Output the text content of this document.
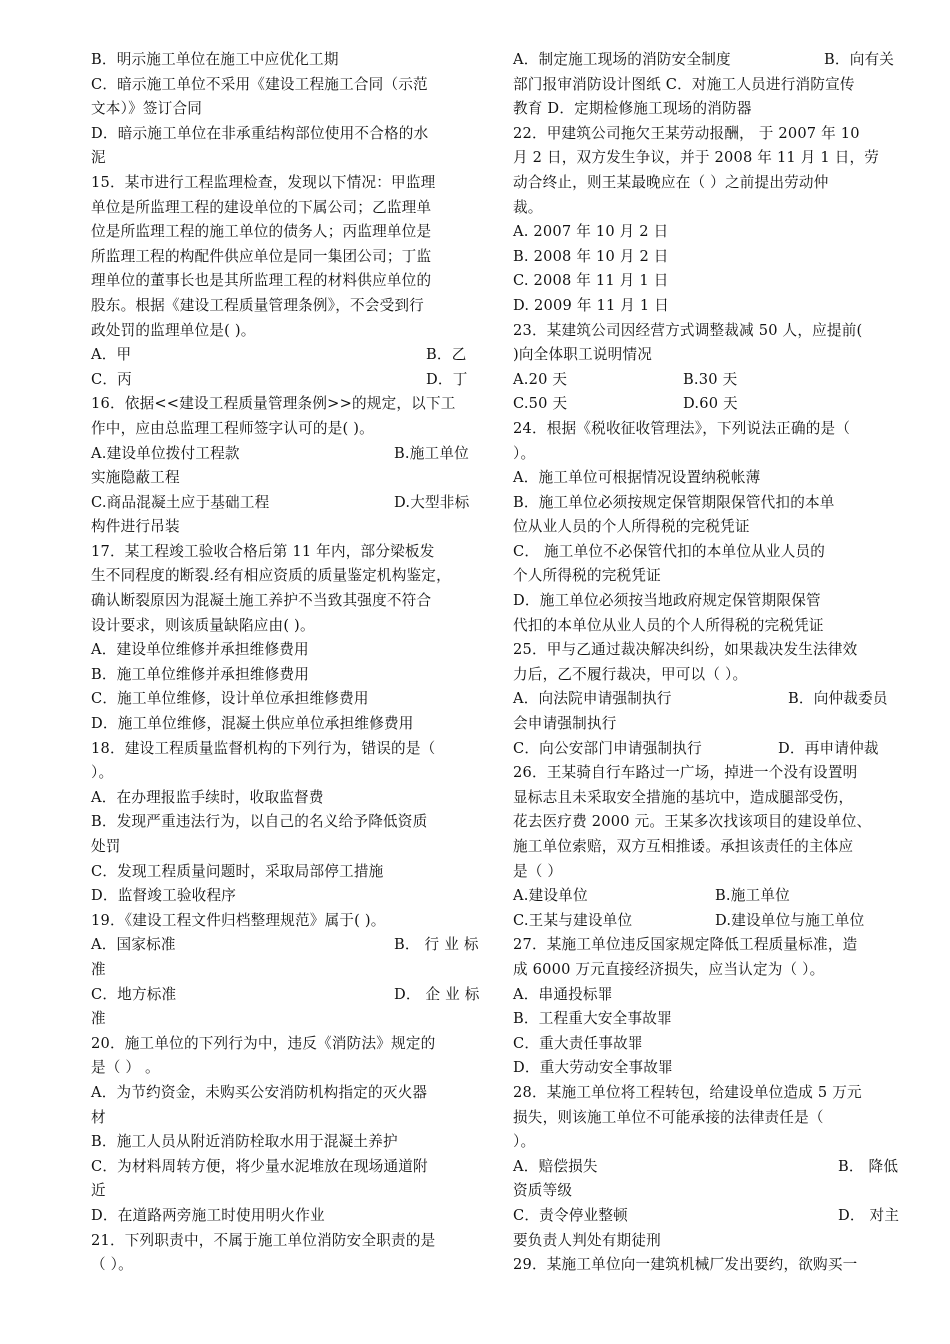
B．明示施工单位在施工中应优化工期
C．暗示施工单位不采用《建设工程施工合同（示范
文本）》签订合同
D．暗示施工单位在非承重结构部位使用不合格的水
泥
15．某市进行工程监理检查，发现以下情况：甲监理
单位是所监理工程的建设单位的下属公司；乙监理单
位是所监理工程的施工单位的债务人；丙监理单位是
所监理工程的构配件供应单位是同一集团公司；丁监
理单位的董事长也是其所监理工程的材料供应单位的
股东。根据《建设工程质量管理条例》，不会受到行
政处罚的监理单位是( )。
A．甲	B．乙
C．丙	D．丁
16．依据<<建设工程质量管理条例>>的规定，以下工
作中，应由总监理工程师签字认可的是( )。
A.建设单位拨付工程款	B.施工单位
实施隐蔽工程
C.商品混凝土应于基础工程	D.大型非标
构件进行吊装
17．某工程竣工验收合格后第 11 年内，部分梁板发
生不同程度的断裂.经有相应资质的质量鉴定机构鉴定，
确认断裂原因为混凝土施工养护不当致其强度不符合
设计要求，则该质量缺陷应由( )。
A．建设单位维修并承担维修费用
B．施工单位维修并承担维修费用
C．施工单位维修，设计单位承担维修费用
D．施工单位维修，混凝土供应单位承担维修费用
18．建设工程质量监督机构的下列行为，错误的是（
）。
A．在办理报监手续时，收取监督费
B．发现严重违法行为，以自己的名义给予降低资质
处罚
C．发现工程质量问题时，采取局部停工措施
D．监督竣工验收程序
19．《建设工程文件归档整理规范》属于( )。
A．国家标准	B． 行 业 标
准
C．地方标准	D． 企 业 标
准
20．施工单位的下列行为中，违反《消防法》规定的
是（ ） 。
A．为节约资金，未购买公安消防机构指定的灭火器
材
B．施工人员从附近消防栓取水用于混凝土养护
C．为材料周转方便，将少量水泥堆放在现场通道附
近
D．在道路两旁施工时使用明火作业
21．下列职责中，不属于施工单位消防安全职责的是
（ ）。
A．制定施工现场的消防安全制度	B．向有关
部门报审消防设计图纸 C．对施工人员进行消防宣传
教育 D．定期检修施工现场的消防器
22．甲建筑公司拖欠王某劳动报酬， 于 2007 年 10
月 2 日，双方发生争议，并于 2008 年 11 月 1 日，劳
动合终止，则王某最晚应在（ ）之前提出劳动仲
裁。
A. 2007 年 10 月 2 日
B. 2008 年 10 月 2 日
C. 2008 年 11 月 1 日
D. 2009 年 11 月 1 日
23．某建筑公司因经营方式调整裁减 50 人，应提前(
)向全体职工说明情况
A.20 天	B.30 天
C.50 天	D.60 天
24．根据《税收征收管理法》，下列说法正确的是（
）。
A．施工单位可根据情况设置纳税帐薄
B．施工单位必须按规定保管期限保管代扣的本单
位从业人员的个人所得税的完税凭证
C． 施工单位不必保管代扣的本单位从业人员的
个人所得税的完税凭证
D．施工单位必须按当地政府规定保管期限保管
代扣的本单位从业人员的个人所得税的完税凭证
25．甲与乙通过裁决解决纠纷，如果裁决发生法律效
力后，乙不履行裁决，甲可以（ ）。
A．向法院申请强制执行	B．向仲裁委员
会申请强制执行
C．向公安部门申请强制执行	D．再申请仲裁
26．王某骑自行车路过一广场，掉进一个没有设置明
显标志且未采取安全措施的基坑中，造成腿部受伤，
花去医疗费 2000 元。王某多次找该项目的建设单位、
施工单位索赔，双方互相推诿。承担该责任的主体应
是（ ）
A.建设单位	B.施工单位
C.王某与建设单位	D.建设单位与施工单位
27．某施工单位违反国家规定降低工程质量标准，造
成 6000 万元直接经济损失，应当认定为（ ）。
A．串通投标罪
B．工程重大安全事故罪
C．重大责任事故罪
D．重大劳动安全事故罪
28．某施工单位将工程转包，给建设单位造成 5 万元
损失，则该施工单位不可能承接的法律责任是（
）。
A．赔偿损失	B． 降低
资质等级
C．责令停业整顿	D． 对主
要负责人判处有期徒刑
29．某施工单位向一建筑机械厂发出要约，欲购买一
